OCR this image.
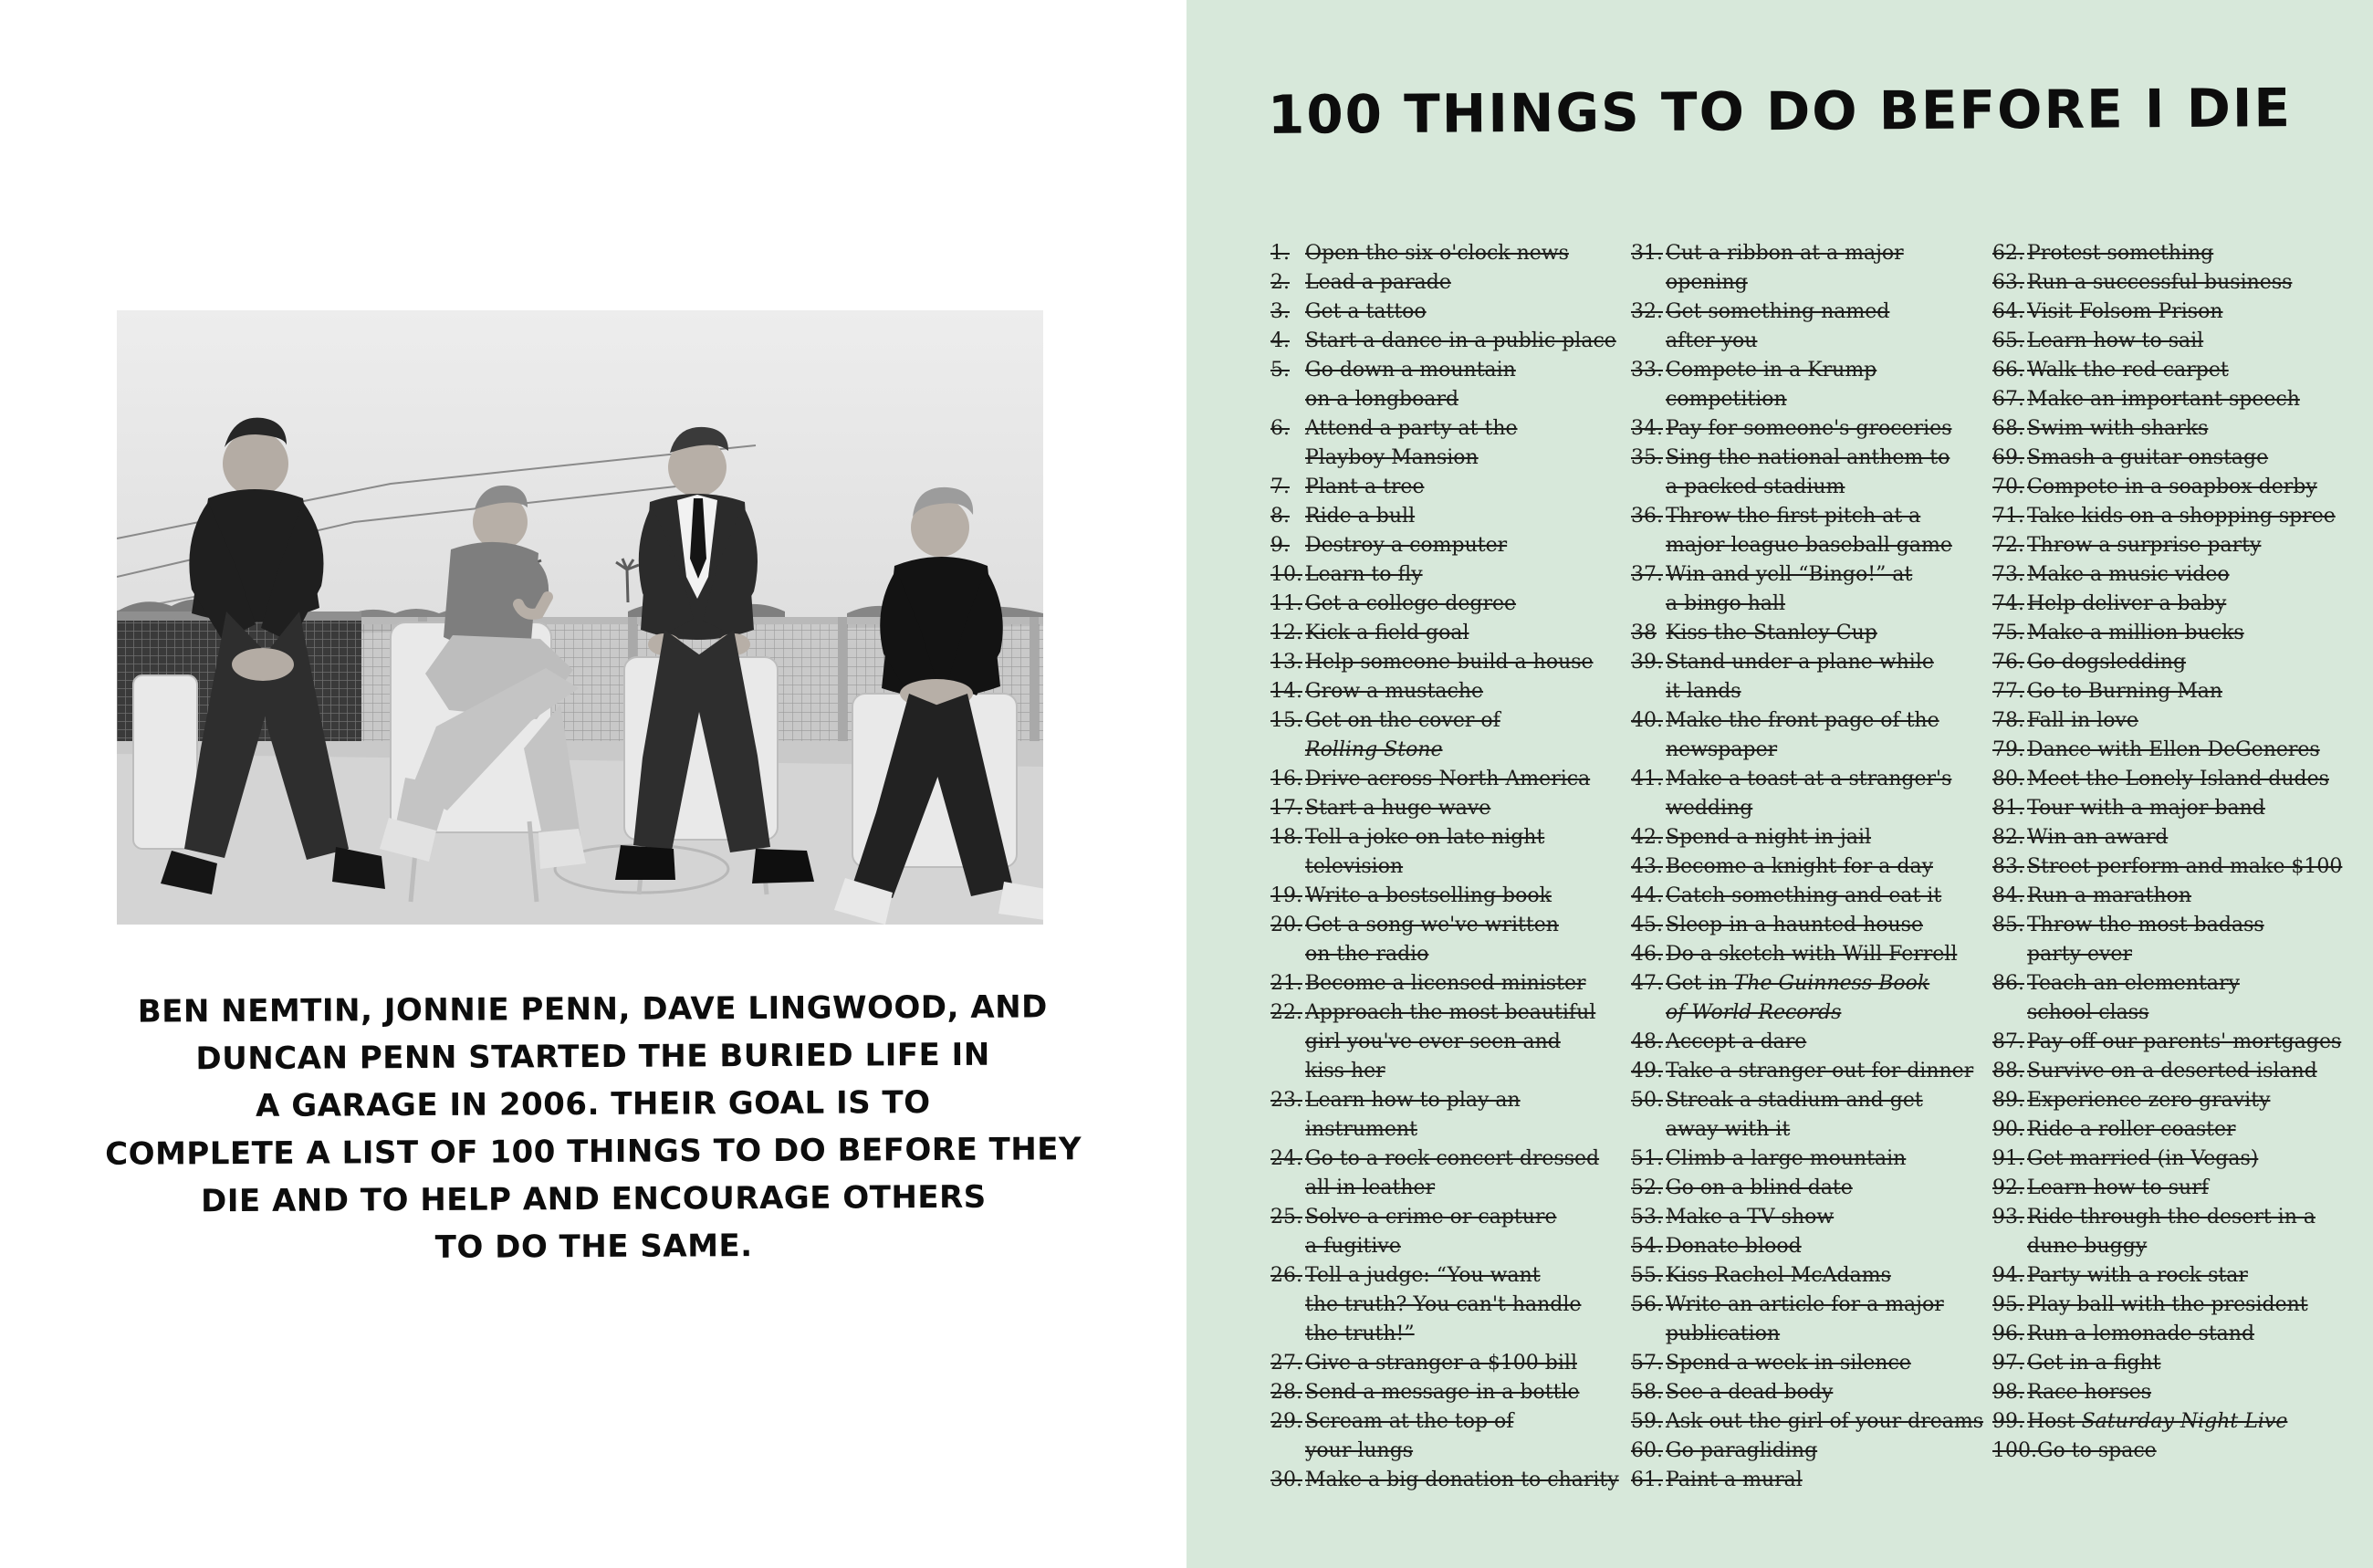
BEN NEMTIN, JONNIE PENN, DAVE LINGWOOD, AND
DUNCAN PENN STARTED THE BURIED LIFE IN
A GARAGE IN 2006. THEIR GOAL IS TO
COMPLETE A LIST OF 100 THINGS TO DO BEFORE THEY
DIE AND TO HELP AND ENCOURAGE OTHERS
TO DO THE SAME.
100 THINGS TO DO BEFORE I DIE
1. Open the six o'clock news
2. Lead a parade
3. Get a tattoo
4. Start a dance in a public place
5. Go down a mountain
on a longboard
6. Attend a party at the
Playboy Mansion
7. Plant a tree
8. Ride a bull
9. Destroy a computer
10. Learn to fly
11. Get a college degree
12. Kick a field goal
13. Help someone build a house
14. Grow a mustache
15. Get on the cover of
Rolling Stone
16. Drive across North America
17. Start a huge wave
18. Tell a joke on late night
television
19. Write a bestselling book
20. Get a song we've written
on the radio
21. Become a licensed minister
22. Approach the most beautiful
girl you've ever seen and
kiss her
23. Learn how to play an
instrument
24. Go to a rock concert dressed
all in leather
25. Solve a crime or capture
a fugitive
26. Tell a judge: “You want
the truth? You can't handle
the truth!”
27. Give a stranger a $100 bill
28. Send a message in a bottle
29. Scream at the top of
your lungs
30. Make a big donation to charity
31. Cut a ribbon at a major
opening
32. Get something named
after you
33. Compete in a Krump
competition
34. Pay for someone's groceries
35. Sing the national anthem to
a packed stadium
36. Throw the first pitch at a
major league baseball game
37. Win and yell “Bingo!” at
a bingo hall
38 Kiss the Stanley Cup
39. Stand under a plane while
it lands
40. Make the front page of the
newspaper
41. Make a toast at a stranger's
wedding
42. Spend a night in jail
43. Become a knight for a day
44. Catch something and eat it
45. Sleep in a haunted house
46. Do a sketch with Will Ferrell
47. Get in The Guinness Book
of World Records
48. Accept a dare
49. Take a stranger out for dinner
50. Streak a stadium and get
away with it
51. Climb a large mountain
52. Go on a blind date
53. Make a TV show
54. Donate blood
55. Kiss Rachel McAdams
56. Write an article for a major
publication
57. Spend a week in silence
58. See a dead body
59. Ask out the girl of your dreams
60. Go paragliding
61. Paint a mural
62. Protest something
63. Run a successful business
64. Visit Folsom Prison
65. Learn how to sail
66. Walk the red carpet
67. Make an important speech
68. Swim with sharks
69. Smash a guitar onstage
70. Compete in a soapbox derby
71. Take kids on a shopping spree
72. Throw a surprise party
73. Make a music video
74. Help deliver a baby
75. Make a million bucks
76. Go dogsledding
77. Go to Burning Man
78. Fall in love
79. Dance with Ellen DeGeneres
80. Meet the Lonely Island dudes
81. Tour with a major band
82. Win an award
83. Street perform and make $100
84. Run a marathon
85. Throw the most badass
party ever
86. Teach an elementary
school class
87. Pay off our parents' mortgages
88. Survive on a deserted island
89. Experience zero gravity
90. Ride a roller coaster
91. Get married (in Vegas)
92. Learn how to surf
93. Ride through the desert in a
dune buggy
94. Party with a rock star
95. Play ball with the president
96. Run a lemonade stand
97. Get in a fight
98. Race horses
99. Host Saturday Night Live
100.Go to space
